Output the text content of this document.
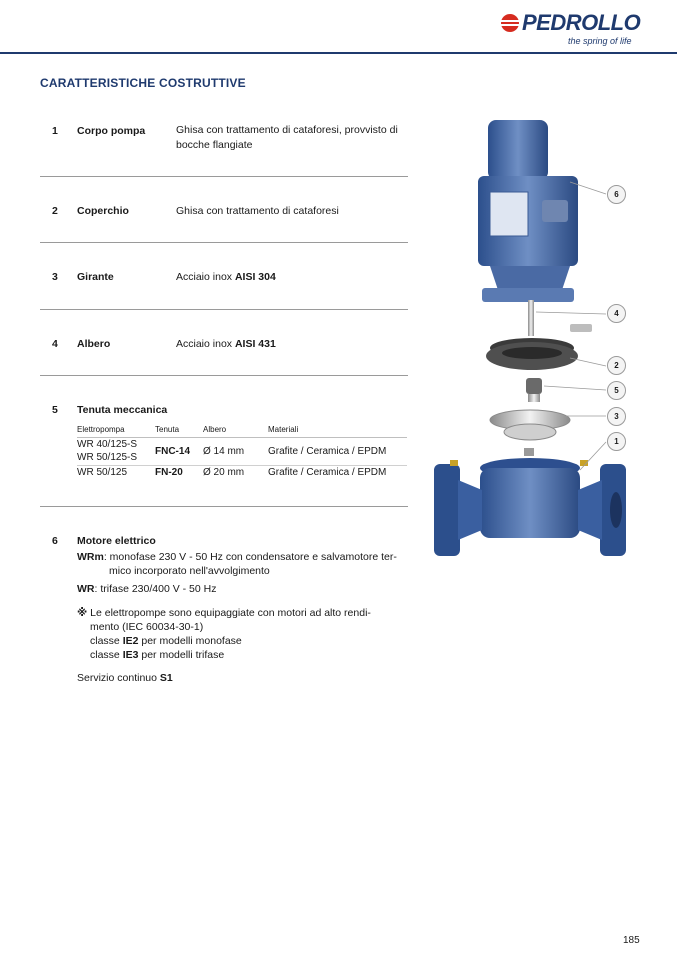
PEDROLLO
the spring of life
CARATTERISTICHE COSTRUTTIVE
1 Corpo pompa	Ghisa con trattamento di cataforesi, provvisto di
bocche flangiate
2 Coperchio	Ghisa con trattamento di cataforesi
3 Girante	Acciaio inox AISI 304
4 Albero	Acciaio inox AISI 431
5 Tenuta meccanica
Elettropompa	Tenuta	Albero	Materiali

WR 40/125-S
WR 50/125-S	FNC-14	Ø 14 mm	Grafite / Ceramica / EPDM
WR 50/125	FN-20	Ø 20 mm	Grafite / Ceramica / EPDM
6 Motore elettrico
WRm: monofase 230 V - 50 Hz con condensatore e salvamotore ter-
mico incorporato nell'avvolgimento
WR: trifase 230/400 V - 50 Hz
※ Le elettropompe sono equipaggiate con motori ad alto rendi-
mento (IEC 60034-30-1)
classe IE2 per modelli monofase
classe IE3 per modelli trifase
Servizio continuo S1
6
4
2
5
3
1
185
